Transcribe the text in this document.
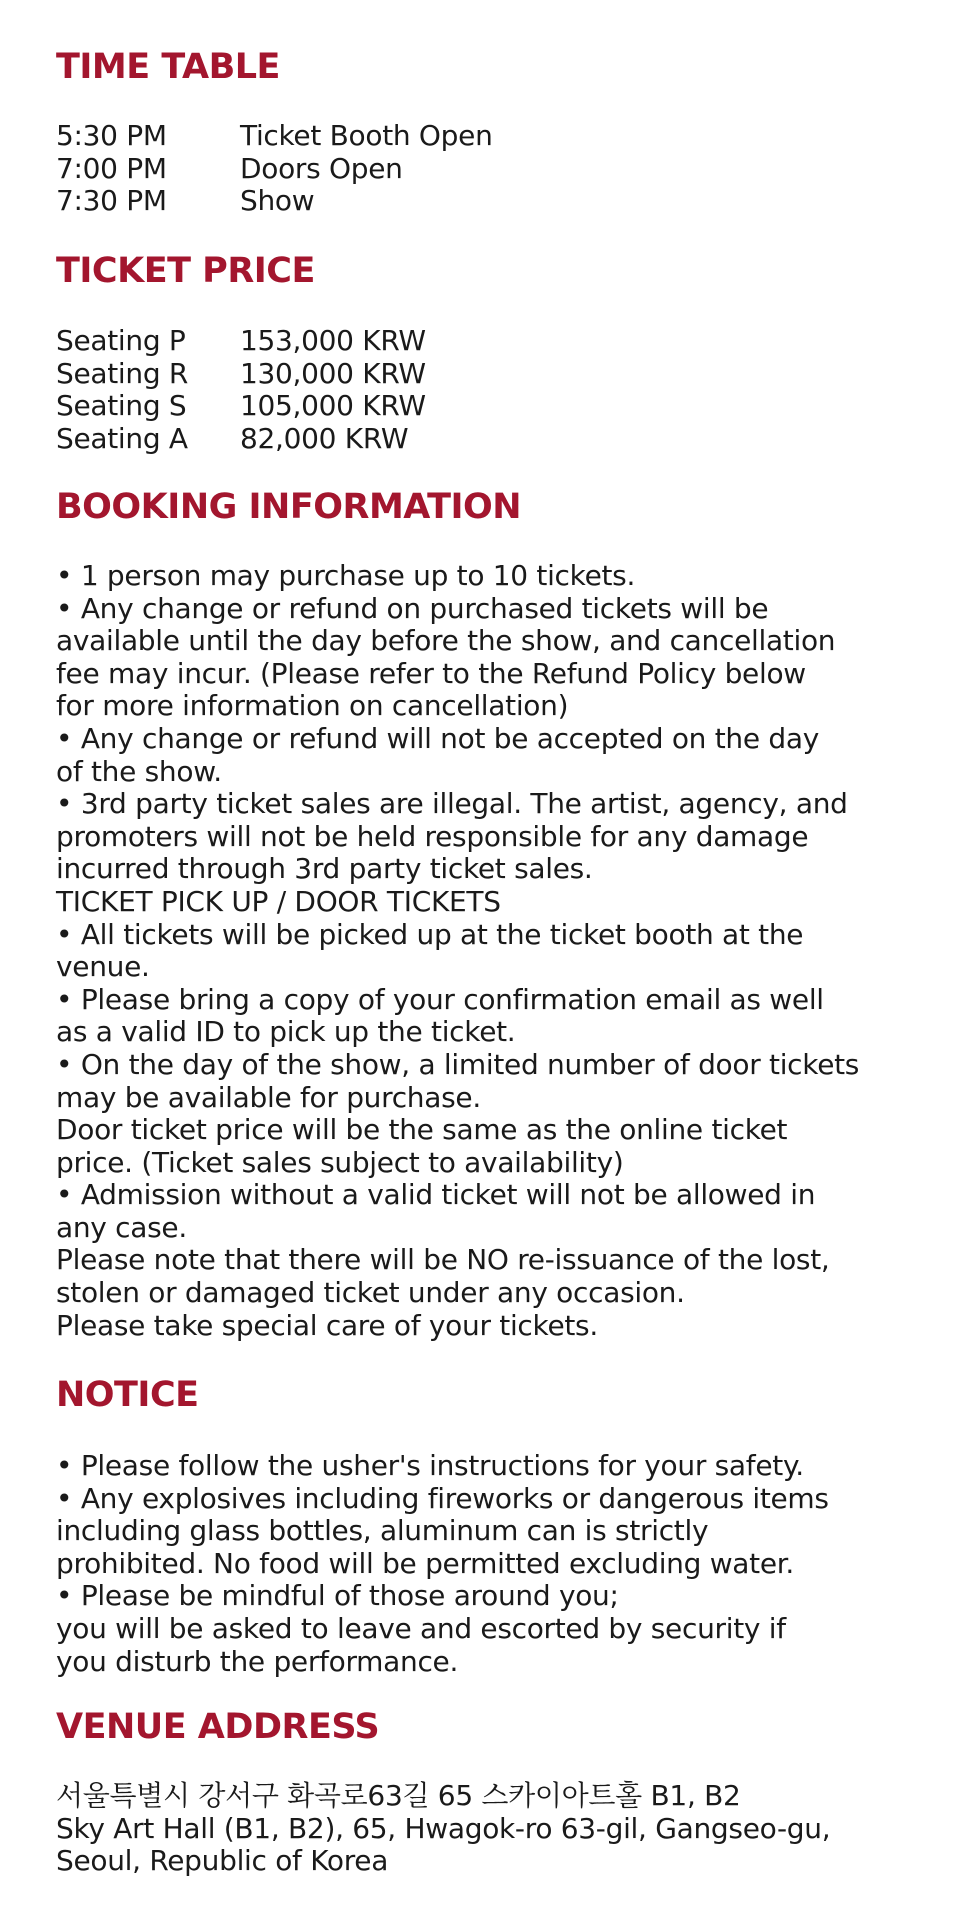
TIME TABLE
5:30 PM	Ticket Booth Open
7:00 PM	Doors Open
7:30 PM	Show
TICKET PRICE
Seating P	153,000 KRW
Seating R	130,000 KRW
Seating S	105,000 KRW
Seating A	82,000 KRW
BOOKING INFORMATION
• 1 person may purchase up to 10 tickets.
• Any change or refund on purchased tickets will be
available until the day before the show, and cancellation
fee may incur. (Please refer to the Refund Policy below
for more information on cancellation)
• Any change or refund will not be accepted on the day
of the show.
• 3rd party ticket sales are illegal. The artist, agency, and
promoters will not be held responsible for any damage
incurred through 3rd party ticket sales.
TICKET PICK UP / DOOR TICKETS
• All tickets will be picked up at the ticket booth at the
venue.
• Please bring a copy of your confirmation email as well
as a valid ID to pick up the ticket.
• On the day of the show, a limited number of door tickets
may be available for purchase.
Door ticket price will be the same as the online ticket
price. (Ticket sales subject to availability)
• Admission without a valid ticket will not be allowed in
any case.
Please note that there will be NO re-issuance of the lost,
stolen or damaged ticket under any occasion.
Please take special care of your tickets.
NOTICE
• Please follow the usher's instructions for your safety.
• Any explosives including fireworks or dangerous items
including glass bottles, aluminum can is strictly
prohibited. No food will be permitted excluding water.
• Please be mindful of those around you;
you will be asked to leave and escorted by security if
you disturb the performance.
VENUE ADDRESS
서울특별시 강서구 화곡로63길 65 스카이아트홀 B1, B2
Sky Art Hall (B1, B2), 65, Hwagok-ro 63-gil, Gangseo-gu,
Seoul, Republic of Korea
